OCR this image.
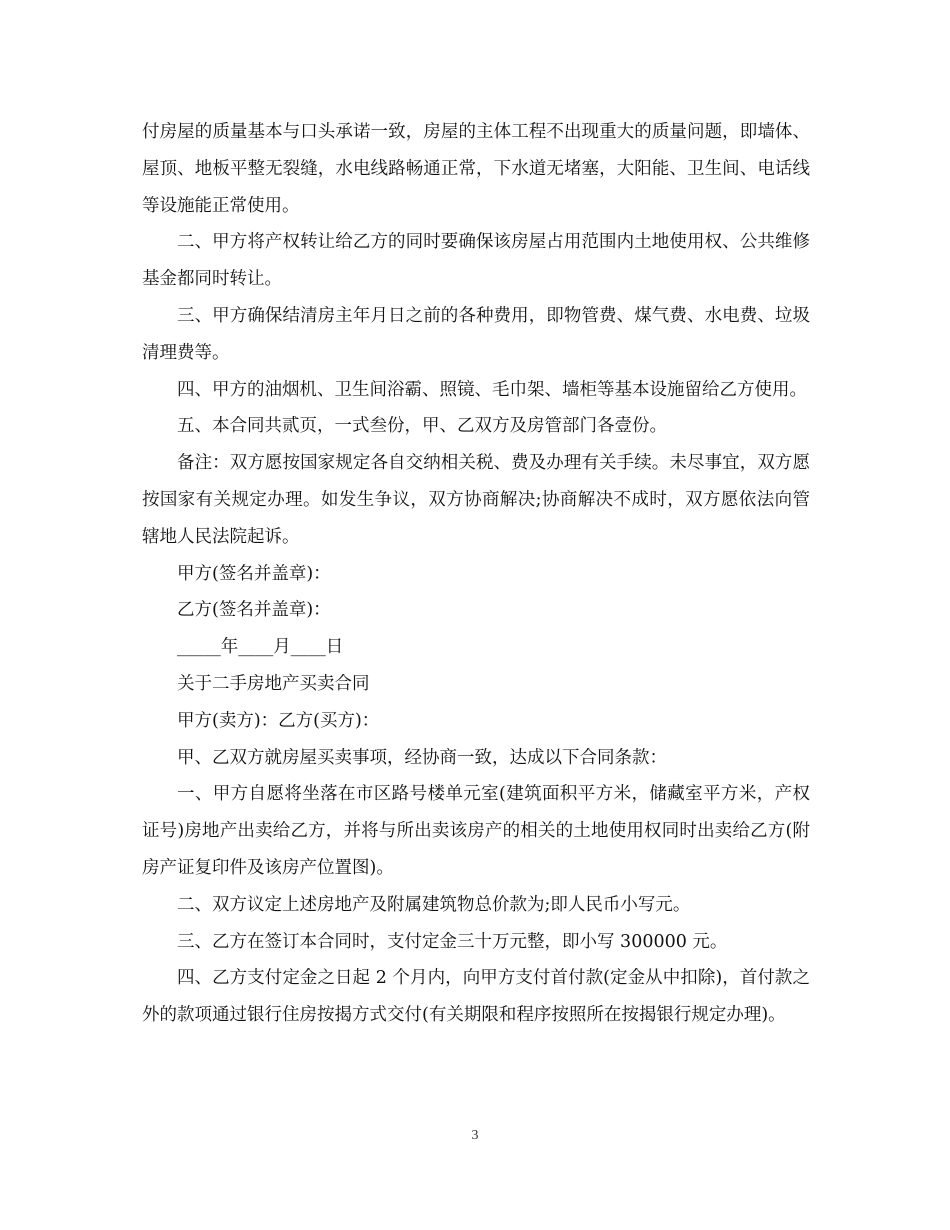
付房屋的质量基本与口头承诺一致，房屋的主体工程不出现重大的质量问题，即墙体、屋顶、地板平整无裂缝，水电线路畅通正常，下水道无堵塞，大阳能、卫生间、电话线等设施能正常使用。

二、甲方将产权转让给乙方的同时要确保该房屋占用范围内土地使用权、公共维修基金都同时转让。

三、甲方确保结清房主年月日之前的各种费用，即物管费、煤气费、水电费、垃圾清理费等。

四、甲方的油烟机、卫生间浴霸、照镜、毛巾架、墙柜等基本设施留给乙方使用。

五、本合同共贰页，一式叁份，甲、乙双方及房管部门各壹份。

备注：双方愿按国家规定各自交纳相关税、费及办理有关手续。未尽事宜，双方愿按国家有关规定办理。如发生争议，双方协商解决;协商解决不成时，双方愿依法向管辖地人民法院起诉。

甲方(签名并盖章)：

乙方(签名并盖章)：

_____年____月____日

关于二手房地产买卖合同

甲方(卖方)：乙方(买方)：

甲、乙双方就房屋买卖事项，经协商一致，达成以下合同条款：

一、甲方自愿将坐落在市区路号楼单元室(建筑面积平方米，储藏室平方米，产权证号)房地产出卖给乙方，并将与所出卖该房产的相关的土地使用权同时出卖给乙方(附房产证复印件及该房产位置图)。

二、双方议定上述房地产及附属建筑物总价款为;即人民币小写元。

三、乙方在签订本合同时，支付定金三十万元整，即小写 300000 元。

四、乙方支付定金之日起 2 个月内，向甲方支付首付款(定金从中扣除)，首付款之外的款项通过银行住房按揭方式交付(有关期限和程序按照所在按揭银行规定办理)。

3
